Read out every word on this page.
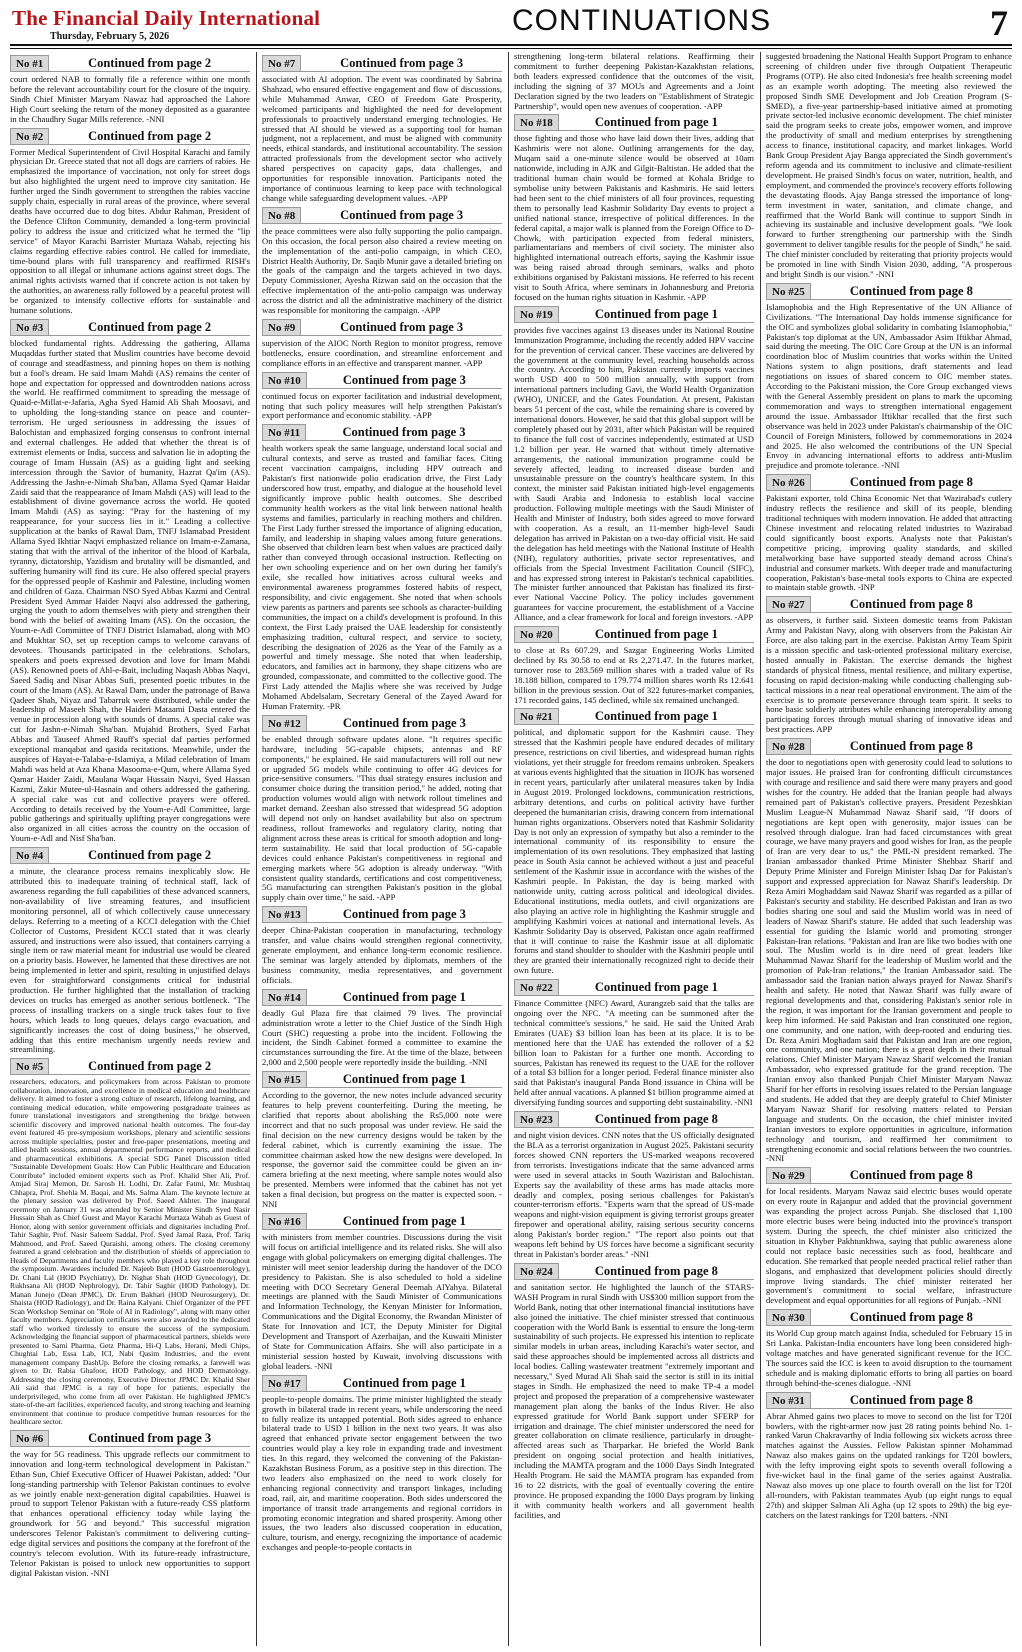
The Financial Daily International
Thursday, February 5, 2026	CONTINUATIONS	7
No #1	Continued from page 2
court ordered NAB to formally file a reference within one month before the relevant accountability court for the closure of the inquiry. Sindh Chief Minister Maryam Nawaz had approached the Lahore High Court seeking the return of the money deposited as a guarantee in the Chaudhry Sugar Mills reference. -NNI
No #2	Continued from page 2
Former Medical Superintendent of Civil Hospital Karachi and family physician Dr. Greece stated that not all dogs are carriers of rabies. He emphasized the importance of vaccination, not only for street dogs but also highlighted the urgent need to improve city sanitation. He further urged the Sindh government to strengthen the rabies vaccine supply chain, especially in rural areas of the province, where several deaths have occurred due to dog bites. Abdur Rahman, President of the Defence Clifton Community, demanded a long-term provincial policy to address the issue and criticized what he termed the "lip service" of Mayor Karachi Barrister Murtaza Wahab, rejecting his claims regarding effective rabies control. He called for immediate, time-bound plans with full transparency and reaffirmed RISH's opposition to all illegal or inhumane actions against street dogs. The animal rights activists warned that if concrete action is not taken by the authorities, an awareness rally followed by a peaceful protest will be organized to intensify collective efforts for sustainable and humane solutions.
No #3	Continued from page 2
blocked fundamental rights. Addressing the gathering, Allama Muqaddas further stated that Muslim countries have become devoid of courage and steadfastness, and pinning hopes on them is nothing but a fool's dream. He said Imam Mahdi (AS) remains the center of hope and expectation for oppressed and downtrodden nations across the world. He reaffirmed commitment to spreading the message of Quaid-e-Millat-e-Jafaria, Agha Syed Hamid Ali Shah Moosavi, and to upholding the long-standing stance on peace and counter-terrorism. He urged seriousness in addressing the issues of Balochistan and emphasized forging consensus to confront internal and external challenges. He added that whether the threat is of extremist elements or India, success and salvation lie in adopting the courage of Imam Hussain (AS) as a guiding light and seeking intercession through the Savior of humanity, Hazrat Qa'im (AS). Addressing the Jashn-e-Nimah Sha'ban, Allama Syed Qamar Haidar Zaidi said that the reappearance of Imam Mahdi (AS) will lead to the establishment of divine governance across the world. He quoted Imam Mahdi (AS) as saying: "Pray for the hastening of my reappearance, for your success lies in it." Leading a collective supplication at the banks of Rawal Dam, TNFJ Islamabad President Allama Syed Ikhtiar Naqvi emphasized reliance on Imam-e-Zamana, stating that with the arrival of the inheritor of the blood of Karbala, tyranny, dictatorship, Yazidism and brutality will be dismantled, and suffering humanity will find its cure. He also offered special prayers for the oppressed people of Kashmir and Palestine, including women and children of Gaza. Chairman NSO Syed Abbas Kazmi and Central President Syed Ammar Haider Naqvi also addressed the gathering, urging the youth to adorn themselves with piety and strengthen their bond with the belief of awaiting Imam (AS). On the occasion, the Youm-e-Adl Committee of TNFJ District Islamabad, along with MO and Mukhtar SO, set up reception camps to welcome caravans of devotees. Thousands participated in the celebrations. Scholars, speakers and poets expressed devotion and love for Imam Mahdi (AS). Renowned poets of Ahl-e-Bait, including Naqash Abbas Naqvi, Saeed Sadiq and Nisar Abbas Sufi, presented poetic tributes in the court of the Imam (AS). At Rawal Dam, under the patronage of Bawa Qadeer Shah, Niyaz and Tabarruk were distributed, while under the leadership of Maseeh Shah, the Haideri Mataami Dasta entered the venue in procession along with sounds of drums. A special cake was cut for Jashn-e-Nimah Sha'ban. Mujahid Brothers, Syed Farhat Abbas and Tauseef Ahmed Rauff's special daf parties performed exceptional manqabat and qasida recitations. Meanwhile, under the auspices of Hayat-e-Talaba-e-Islamiya, a Milad celebration of Imam Mahdi was held at Aza Khana Masooma-e-Qum, where Allama Syed Qamar Haider Zaidi, Maulana Waqar Hussain Naqvi, Syed Hassan Kazmi, Zakir Mutee-ul-Hasnain and others addressed the gathering. A special cake was cut and collective prayers were offered. According to details received by the Youm-e-Adl Committee, large public gatherings and spiritually uplifting prayer congregations were also organized in all cities across the country on the occasion of Youm-e-Adl and Nisf Sha'ban.
No #4	Continued from page 2
a minute, the clearance process remains inexplicably slow. He attributed this to inadequate training of technical staff, lack of awareness regarding the full capabilities of these advanced scanners, non-availability of live streaming features, and insufficient monitoring personnel, all of which collectively cause unnecessary delays. Referring to a meeting of a KCCI delegation with the Chief Collector of Customs, President KCCI stated that it was clearly assured, and instructions were also issued, that containers carrying a single item or raw material meant for industrial use would be cleared on a priority basis. However, he lamented that these directives are not being implemented in letter and spirit, resulting in unjustified delays even for straightforward consignments critical for industrial production. He further highlighted that the installation of tracking devices on trucks has emerged as another serious bottleneck. "The process of installing trackers on a single truck takes four to five hours, which leads to long queues, delays cargo evacuation, and significantly increases the cost of doing business," he observed, adding that this entire mechanism urgently needs review and streamlining.
No #5	Continued from page 2
researchers, educators, and policymakers from across Pakistan to promote collaboration, innovation, and excellence in medical education and healthcare delivery. It aimed to foster a strong culture of research, lifelong learning, and continuing medical education, while empowering postgraduate trainees as future translational investigators and strengthening the bridge between scientific discovery and improved national health outcomes. The four-day event featured 45 pre-symposium workshops, plenary and scientific sessions across multiple specialties, poster and free-paper presentations, meeting and allied health sessions, annual departmental performance reports, and medical and pharmaceutical exhibitions. A special SDG Panel Discussion titled "Sustainable Development Goals: How Can Public Healthcare and Education Contribute" included eminent experts such as Prof. Khalid Sher Ali, Prof. Amjad Siraj Memon, Dr. Sarosh H. Lodhi, Dr. Zafar Fatmi, Mr. Mushtaq Chhapra, Prof. Shehla M. Baqai, and Ms. Salma Alam. The keynote lecture at the plenary session was delivered by Prof. Saeed Akhter. The inaugural ceremony on January 31 was attended by Senior Minister Sindh Syed Nasir Hussain Shah as Chief Guest and Mayor Karachi Murtaza Wahab as Guest of Honor, along with senior government officials and dignitaries including Prof. Tahir Saghir, Prof. Nasir Saleem Saddal, Prof. Syed Jamal Raza, Prof. Tariq Mahmood, and Prof. Saeed Quraishi, among others. The closing ceremony featured a grand celebration and the distribution of shields of appreciation to Heads of Departments and faculty members who played a key role throughout the symposium. Awardees included Dr. Najeeb Butt (HOD Gastroenterology), Dr. Chani Lal (HOD Psychiatry), Dr. Nighat Shah (HOD Gynecology), Dr. Rukhsana Ali (HOD Nephrology), Dr. Tahir Saghir (HOD Pathology), Dr. Manan Junejo (Dean JPMC), Dr. Erum Bakhari (HOD Neurosurgery), Dr. Shaista (HOD Radiology), and Dr. Raina Kalyani. Chief Organizer of the PFT Scan Workshop Seminar on "Role of AI in Radiology", along with many other faculty members. Appreciation certificates were also awarded to the dedicated staff who worked tirelessly to ensure the success of the symposium. Acknowledging the financial support of pharmaceutical partners, shields were presented to Sami Pharma, Getz Pharma, Hi-Q Labs, Herani, Medi Chips, Chughtai Lab, Essa Lab, ICI, Nabi Qasim Industries, and the event management company DashUp. Before the closing remarks, a farewell was given to Dr. Rabia Ghafoor, HOD Pathology, and HOD Dermatology. Addressing the closing ceremony, Executive Director JPMC Dr. Khalid Sher Ali said that JPMC is a ray of hope for patients, especially the underprivileged, who come from all over Pakistan. He highlighted JPMC's state-of-the-art facilities, experienced faculty, and strong teaching and learning environment that continue to produce competitive human resources for the healthcare sector.
No #6	Continued from page 3
the way for 5G readiness. This upgrade reflects our commitment to innovation and long-term technological development in Pakistan." Ethan Sun, Chief Executive Officer of Huawei Pakistan, added: "Our long-standing partnership with Telenor Pakistan continues to evolve as we jointly enable next-generation digital capabilities. Huawei is proud to support Telenor Pakistan with a future-ready CSS platform that enhances operational efficiency today while laying the groundwork for 5G and beyond." This successful migration underscores Telenor Pakistan's commitment to delivering cutting-edge digital services and positions the company at the forefront of the country's telecom evolution. With its future-ready infrastructure, Telenor Pakistan is poised to unlock new opportunities to support digital Pakistan vision. -NNI
No #7	Continued from page 3
associated with AI adoption. The event was coordinated by Sabrina Shahzad, who ensured effective engagement and flow of discussions, while Muhammad Anwar, CEO of Freedom Gate Prosperity, welcomed participants and highlighted the need for development professionals to proactively understand emerging technologies. He stressed that AI should be viewed as a supporting tool for human judgment, not a replacement, and must be aligned with community needs, ethical standards, and institutional accountability. The session attracted professionals from the development sector who actively shared perspectives on capacity gaps, data challenges, and opportunities for responsible innovation. Participants noted the importance of continuous learning to keep pace with technological change while safeguarding development values. -APP
No #8	Continued from page 3
the peace committees were also fully supporting the polio campaign. On this occasion, the focal person also chaired a review meeting on the implementation of the anti-polio campaign, in which CEO, District Health Authority, Dr. Saqib Munir gave a detailed briefing on the goals of the campaign and the targets achieved in two days. Deputy Commissioner, Ayesha Rizwan said on the occasion that the effective implementation of the anti-polio campaign was underway across the district and all the administrative machinery of the district was responsible for monitoring the campaign. -APP
No #9	Continued from page 3
supervision of the AIOC North Region to monitor progress, remove bottlenecks, ensure coordination, and streamline enforcement and compliance efforts in an effective and transparent manner. -APP
No #10	Continued from page 3
continued focus on exporter facilitation and industrial development, noting that such policy measures will help strengthen Pakistan's export performance and economic stability. -APP
No #11	Continued from page 3
health workers speak the same language, understand local social and cultural contexts, and serve as trusted and familiar faces. Citing recent vaccination campaigns, including HPV outreach and Pakistan's first nationwide polio eradication drive, the First Lady underscored how trust, empathy, and dialogue at the household level significantly improve public health outcomes. She described community health workers as the vital link between national health systems and families, particularly in reaching mothers and children. The First Lady further stressed the importance of aligning education, family, and leadership in shaping values among future generations. She observed that children learn best when values are practiced daily rather than conveyed through occasional instruction. Reflecting on her own schooling experience and on her own during her family's exile, she recalled how initiatives across cultural weeks and environmental awareness programmes fostered habits of respect, responsibility, and civic engagement. She noted that when schools view parents as partners and parents see schools as character-building communities, the impact on a child's development is profound. In this context, the First Lady praised the UAE leadership for consistently emphasizing tradition, cultural respect, and service to society, describing the designation of 2026 as the Year of the Family as a powerful and timely message. She noted that when leadership, educators, and families act in harmony, they shape citizens who are grounded, compassionate, and committed to the collective good. The First Lady attended the Majlis where she was received by Judge Mohamed Abdelsalam, Secretary General of the Zayed Award for Human Fraternity. -PR
No #12	Continued from page 3
be enabled through software updates alone. "It requires specific hardware, including 5G-capable chipsets, antennas and RF components," he explained. He said manufacturers will roll out new or upgraded 5G models while continuing to offer 4G devices for price-sensitive consumers. "This dual strategy ensures inclusion and consumer choice during the transition period," he added, noting that production volumes would align with network rollout timelines and market demand. Zeeshan also stressed that widespread 5G adoption will depend not only on handset availability but also on spectrum readiness, rollout frameworks and regulatory clarity, noting that alignment across these areas is critical for smooth adoption and long-term sustainability. He said that local production of 5G-capable devices could enhance Pakistan's competitiveness in regional and emerging markets where 5G adoption is already underway. "With consistent quality standards, certifications and cost competitiveness, 5G manufacturing can strengthen Pakistan's position in the global supply chain over time," he said. -APP
No #13	Continued from page 3
deeper China-Pakistan cooperation in manufacturing, technology transfer, and value chains would strengthen regional connectivity, generate employment, and enhance long-term economic resilience. The seminar was largely attended by diplomats, members of the business community, media representatives, and government officials.
No #14	Continued from page 1
deadly Gul Plaza fire that claimed 79 lives. The provincial administration wrote a letter to the Chief Justice of the Sindh High Court (SHC) requesting a probe into the incident. Following the incident, the Sindh Cabinet formed a committee to examine the circumstances surrounding the fire. At the time of the blaze, between 2,000 and 2,500 people were reportedly inside the building. -NNI
No #15	Continued from page 1
According to the governor, the new notes include advanced security features to help prevent counterfeiting. During the meeting, he clarified that reports about abolishing the Rs5,000 note were incorrect and that no such proposal was under review. He said the final decision on the new currency designs would be taken by the federal cabinet, which is currently examining the issue. The committee chairman asked how the new designs were developed. In response, the governor said the committee could be given an in-camera briefing at the next meeting, where sample notes would also be presented. Members were informed that the cabinet has not yet taken a final decision, but progress on the matter is expected soon. -NNI
No #16	Continued from page 1
with ministers from member countries. Discussions during the visit will focus on artificial intelligence and its related risks. She will also engage with global policymakers on emerging digital challenges. The minister will meet senior leadership during the handover of the DCO presidency to Pakistan. She is also scheduled to hold a sideline meeting with DCO Secretary General Deemah AlYahya. Bilateral meetings are planned with the Saudi Minister of Communications and Information Technology, the Kenyan Minister for Information, Communications and the Digital Economy, the Rwandan Minister of State for Innovation and ICT, the Deputy Minister for Digital Development and Transport of Azerbaijan, and the Kuwaiti Minister of State for Communication Affairs. She will also participate in a ministerial session hosted by Kuwait, involving discussions with global leaders. -NNI
No #17	Continued from page 1
people-to-people domains. The prime minister highlighted the steady growth in bilateral trade in recent years, while underscoring the need to fully realize its untapped potential. Both sides agreed to enhance bilateral trade to USD 1 billion in the next two years. It was also agreed that enhanced private sector engagement between the two countries would play a key role in expanding trade and investment ties. In this regard, they welcomed the convening of the Pakistan-Kazakhstan Business Forum, as a positive step in this direction. The two leaders also emphasized on the need to work closely for enhancing regional connectivity and transport linkages, including road, rail, air, and maritime cooperation. Both sides underscored the importance of transit trade arrangements and regional corridors in promoting economic integration and shared prosperity. Among other issues, the two leaders also discussed cooperation in education, culture, tourism, and energy, recognizing the importance of academic exchanges and people-to-people contacts in
strengthening long-term bilateral relations. Reaffirming their commitment to further deepening Pakistan-Kazakhstan relations, both leaders expressed confidence that the outcomes of the visit, including the signing of 37 MOUs and Agreements and a Joint Declaration signed by the two leaders on "Establishment of Strategic Partnership", would open new avenues of cooperation. -APP
No #18	Continued from page 1
those fighting and those who have laid down their lives, adding that Kashmiris were not alone. Outlining arrangements for the day, Muqam said a one-minute silence would be observed at 10am nationwide, including in AJK and Gilgit-Baltistan. He added that the traditional human chain would be formed at Kohala Bridge to symbolise unity between Pakistanis and Kashmiris. He said letters had been sent to the chief ministers of all four provinces, requesting them to personally lead Kashmir Solidarity Day events to project a unified national stance, irrespective of political differences. In the federal capital, a major walk is planned from the Foreign Office to D-Chowk, with participation expected from federal ministers, parliamentarians and members of civil society. The minister also highlighted international outreach efforts, saying the Kashmir issue was being raised abroad through seminars, walks and photo exhibitions organised by Pakistani missions. He referred to his recent visit to South Africa, where seminars in Johannesburg and Pretoria focused on the human rights situation in Kashmir. -APP
No #19	Continued from page 1
provides five vaccines against 13 diseases under its National Routine Immunization Programme, including the recently added HPV vaccine for the prevention of cervical cancer. These vaccines are delivered by the government at the community level, reaching households across the country. According to him, Pakistan currently imports vaccines worth USD 400 to 500 million annually, with support from international partners including Gavi, the World Health Organization (WHO), UNICEF, and the Gates Foundation. At present, Pakistan bears 51 percent of the cost, while the remaining share is covered by international donors. However, he said that this global support will be completely phased out by 2031, after which Pakistan will be required to finance the full cost of vaccines independently, estimated at USD 1.2 billion per year. He warned that without timely alternative arrangements, the national immunization programme could be severely affected, leading to increased disease burden and unsustainable pressure on the country's healthcare system. In this context, the minister said Pakistan initiated high-level engagements with Saudi Arabia and Indonesia to establish local vaccine production. Following multiple meetings with the Saudi Minister of Health and Minister of Industry, both sides agreed to move forward with cooperation. As a result, an 11-member high-level Saudi delegation has arrived in Pakistan on a two-day official visit. He said the delegation has held meetings with the National Institute of Health (NIH), regulatory authorities, private sector representatives, and officials from the Special Investment Facilitation Council (SIFC), and has expressed strong interest in Pakistan's technical capabilities. The minister further announced that Pakistan has finalized its first-ever National Vaccine Policy. The policy includes government guarantees for vaccine procurement, the establishment of a Vaccine Alliance, and a clear framework for local and foreign investors. -APP
No #20	Continued from page 1
to close at Rs 607.29, and Sazgar Engineering Works Limited declined by Rs 30.58 to end at Rs 2,271.47. In the futures market, turnover rose to 283.569 million shares with a traded value of Rs 18.188 billion, compared to 179.774 million shares worth Rs 12.641 billion in the previous session. Out of 322 futures-market companies, 171 recorded gains, 145 declined, while six remained unchanged.
No #21	Continued from page 1
political, and diplomatic support for the Kashmiri cause. They stressed that the Kashmiri people have endured decades of military presence, restrictions on civil liberties, and widespread human rights violations, yet their struggle for freedom remains unbroken. Speakers at various events highlighted that the situation in IIOJK has worsened in recent years, particularly after unilateral measures taken by India in August 2019. Prolonged lockdowns, communication restrictions, arbitrary detentions, and curbs on political activity have further deepened the humanitarian crisis, drawing concern from international human rights organizations. Observers noted that Kashmir Solidarity Day is not only an expression of sympathy but also a reminder to the international community of its responsibility to ensure the implementation of its own resolutions. They emphasized that lasting peace in South Asia cannot be achieved without a just and peaceful settlement of the Kashmir issue in accordance with the wishes of the Kashmiri people. In Pakistan, the day is being marked with nationwide unity, cutting across political and ideological divides. Educational institutions, media outlets, and civil organizations are also playing an active role in highlighting the Kashmir struggle and amplifying Kashmiri voices at national and international levels. As Kashmir Solidarity Day is observed, Pakistan once again reaffirmed that it will continue to raise the Kashmir issue at all diplomatic forums and stand shoulder to shoulder with the Kashmiri people until they are granted their internationally recognized right to decide their own future.
No #22	Continued from page 1
Finance Committee (NFC) Award, Aurangzeb said that the talks are ongoing over the NFC. "A meeting can be summoned after the technical committee's sessions," he said. He said the United Arab Emirates (UAE) $3 billion loan has been at its place. It is to be mentioned here that the UAE has extended the rollover of a $2 billion loan to Pakistan for a further one month. According to sources, Pakistan has renewed its request to the UAE for the rollover of a total $3 billion for a longer period. Federal finance minister also said that Pakistan's inaugural Panda Bond issuance in China will be held after annual vacations. A planned $1 billion programme aimed at diversifying funding sources and supporting debt sustainability. -NNI
No #23	Continued from page 8
and night vision devices. CNN notes that the US officially designated the BLA as a terrorist organization in August 2025. Pakistani security forces showed CNN reporters the US-marked weapons recovered from terrorists. Investigations indicate that the same advanced arms were used in several attacks in South Waziristan and Balochistan. Experts say the availability of these arms has made attacks more deadly and complex, posing serious challenges for Pakistan's counter-terrorism efforts. "Experts warn that the spread of US-made weapons and night-vision equipment is giving terrorist groups greater firepower and operational ability, raising serious security concerns along Pakistan's border region." "The report also points out that weapons left behind by US forces have become a significant security threat in Pakistan's border areas." -NNI
No #24	Continued from page 8
and sanitation sector. He highlighted the launch of the STARS-WASH Program in rural Sindh with US$300 million support from the World Bank, noting that other international financial institutions have also joined the initiative. The chief minister stressed that continuous cooperation with the World Bank is essential to ensure the long-term sustainability of such projects. He expressed his intention to replicate similar models in urban areas, including Karachi's water sector, and said these approaches should be implemented across all districts and local bodies. Calling wastewater treatment "extremely important and necessary," Syed Murad Ali Shah said the sector is still in its initial stages in Sindh. He emphasized the need to make TP-4 a model project and proposed the preparation of a comprehensive wastewater management plan along the banks of the Indus River. He also expressed gratitude for World Bank support under SFERP for irrigation and drainage. The chief minister underscored the need for greater collaboration on climate resilience, particularly in drought-affected areas such as Tharparkar. He briefed the World Bank president on ongoing social protection and health initiatives, including the MAMTA program and the 1000 Days Sindh Integrated Health Program. He said the MAMTA program has expanded from 16 to 22 districts, with the goal of eventually covering the entire province. He proposed expanding the 1000 Days program by linking it with community health workers and all government health facilities, and
suggested broadening the National Health Support Program to enhance screening of children under five through Outpatient Therapeutic Programs (OTP). He also cited Indonesia's free health screening model as an example worth adopting. The meeting also reviewed the proposed Sindh SME Development and Job Creation Program (S-SMED), a five-year partnership-based initiative aimed at promoting private sector-led inclusive economic development. The chief minister said the program seeks to create jobs, empower women, and improve the productivity of small and medium enterprises by strengthening access to finance, institutional capacity, and market linkages. World Bank Group President Ajay Banga appreciated the Sindh government's reform agenda and its commitment to inclusive and climate-resilient development. He praised Sindh's focus on water, nutrition, health, and employment, and commended the province's recovery efforts following the devastating floods. Ajay Banga stressed the importance of long-term investment in water, sanitation, and climate change, and reaffirmed that the World Bank will continue to support Sindh in achieving its sustainable and inclusive development goals. "We look forward to further strengthening our partnership with the Sindh government to deliver tangible results for the people of Sindh," he said. The chief minister concluded by reiterating that priority projects would be promoted in line with Sindh Vision 2030, adding, "A prosperous and bright Sindh is our vision." -NNI
No #25	Continued from page 8
Islamophobia and the High Representative of the UN Alliance of Civilizations. "The International Day holds immense significance for the OIC and symbolizes global solidarity in combating Islamophobia," Pakistan's top diplomat at the UN, Ambassador Asim Iftikhar Ahmad, said during the meeting. The OIC Core Group at the UN is an informal coordination bloc of Muslim countries that works within the United Nations system to align positions, draft statements and lead negotiations on issues of shared concern to OIC member states. According to the Pakistani mission, the Core Group exchanged views with the General Assembly president on plans to mark the upcoming commemoration and ways to strengthen international engagement around the issue. Ambassador Iftikhar recalled that the first such observance was held in 2023 under Pakistan's chairmanship of the OIC Council of Foreign Ministers, followed by commemorations in 2024 and 2025. He also welcomed the contributions of the UN Special Envoy in advancing international efforts to address anti-Muslim prejudice and promote tolerance. -NNI
No #26	Continued from page 8
Pakistani exporter, told China Economic Net that Wazirabad's cutlery industry reflects the resilience and skill of its people, blending traditional techniques with modern innovation. He added that attracting Chinese investment and relocating related industries to Wazirabad could significantly boost exports. Analysts note that Pakistan's competitive pricing, improving quality standards, and skilled metalworking base have supported steady demand across China's industrial and consumer markets. With deeper trade and manufacturing cooperation, Pakistan's base-metal tools exports to China are expected to maintain stable growth. -INP
No #27	Continued from page 8
as observers, it further said. Sixteen domestic teams from Pakistan Army and Pakistan Navy, along with observers from the Pakistan Air Force, are also taking part in the exercise. Pakistan Army Team Spirit is a mission specific and task-oriented professional military exercise, hosted annually in Pakistan. The exercise demands the highest standards of physical fitness, mental resilience, and military expertise, focusing on rapid decision-making while conducting challenging sub-tactical missions in a near real operational environment. The aim of the exercise is to promote perseverance through team spirit. It seeks to hone basic soldierly attributes while enhancing interoperability among participating forces through mutual sharing of innovative ideas and best practices. APP
No #28	Continued from page 8
the door to negotiations open with generosity could lead to solutions to major issues. He praised Iran for confronting difficult circumstances with courage and resilience and said there were many prayers and good wishes for the country. He added that the Iranian people had always remained part of Pakistan's collective prayers. President Pezeshkian Muslim League-N Muhammad Nawaz Sharif said, "If doors of negotiations are kept open with generosity, major issues can be resolved through dialogue. Iran had faced circumstances with great courage, we have many prayers and good wishes for Iran, as the people of Iran are very dear to us," the PML-N president remarked. The Iranian ambassador thanked Prime Minister Shehbaz Sharif and Deputy Prime Minister and Foreign Minister Ishaq Dar for Pakistan's support and expressed appreciation for Nawaz Sharif's leadership. Dr Reza Amiri Moghaddam said Nawaz Sharif was regarded as a pillar of Pakistan's security and stability. He described Pakistan and Iran as two bodies sharing one soul and said the Muslim world was in need of leaders of Nawaz Sharif's stature. He added that such leadership was essential for guiding the Islamic world and promoting stronger Pakistan-Iran relations. "Pakistan and Iran are like two bodies with one soul. The Muslim world is in dire need of great leaders like Muhammad Nawaz Sharif for the leadership of Muslim world and the promotion of Pak-Iran relations," the Iranian Ambassador said. The ambassador said the Iranian nation always prayed for Nawaz Sharif's health and safety. He noted that Nawaz Sharif was fully aware of regional developments and that, considering Pakistan's senior role in the region, it was important for the Iranian government and people to keep him informed. He said Pakistan and Iran constituted one region, one community, and one nation, with deep-rooted and enduring ties. Dr. Reza Amiri Moghadam said that Pakistan and Iran are one region, one community, and one nation; there is a great depth in their mutual relations. Chief Minister Maryam Nawaz Sharif welcomed the Iranian Ambassador, who expressed gratitude for the grand reception. The Iranian envoy also thanked Punjab Chief Minister Maryam Nawaz Sharif for her efforts in resolving issues related to the Persian language and students. He added that they are deeply grateful to Chief Minister Maryam Nawaz Sharif for resolving matters related to Persian language and students. On the occasion, the chief minister invited Iranian investors to explore opportunities in agriculture, information technology and tourism, and reaffirmed her commitment to strengthening economic and social relations between the two countries. -NNI
No #29	Continued from page 8
for local residents. Maryam Nawaz said electric buses would operate on every route in Rajanpur and added that the provincial government was expanding the project across Punjab. She disclosed that 1,100 more electric buses were being inducted into the province's transport system. During the speech, the chief minister also criticized the situation in Khyber Pakhtunkhwa, saying that public awareness alone could not replace basic necessities such as food, healthcare and education. She remarked that people needed practical relief rather than slogans, and emphasized that development policies should directly improve living standards. The chief minister reiterated her government's commitment to social welfare, infrastructure development and equal opportunities for all regions of Punjab. -NNI
No #30	Continued from page 8
its World Cup group match against India, scheduled for February 15 in Sri Lanka. Pakistan-India encounters have long been considered high-voltage matches and have generated significant revenue for the ICC. The sources said the ICC is keen to avoid disruption to the tournament schedule and is making diplomatic efforts to bring all parties on board through behind-the-scenes dialogue. -NNI
No #31	Continued from page 8
Abrar Ahmed gains two places to move to second on the list for T20I bowlers, with the right-armer now just 28 rating points behind No. 1-ranked Varun Chakravarthy of India following six wickets across three matches against the Aussies. Fellow Pakistan spinner Mohammad Nawaz also makes gains on the updated rankings for T20I bowlers, with the lefty improving eight spots to seventh overall following a five-wicket haul in the final game of the series against Australia. Nawaz also moves up one place to fourth overall on the list for T20I all-rounders, with Pakistan teammates Ayub (up eight rungs to equal 27th) and skipper Salman Ali Agha (up 12 spots to 29th) the big eye-catchers on the latest rankings for T20I batters. -NNI
